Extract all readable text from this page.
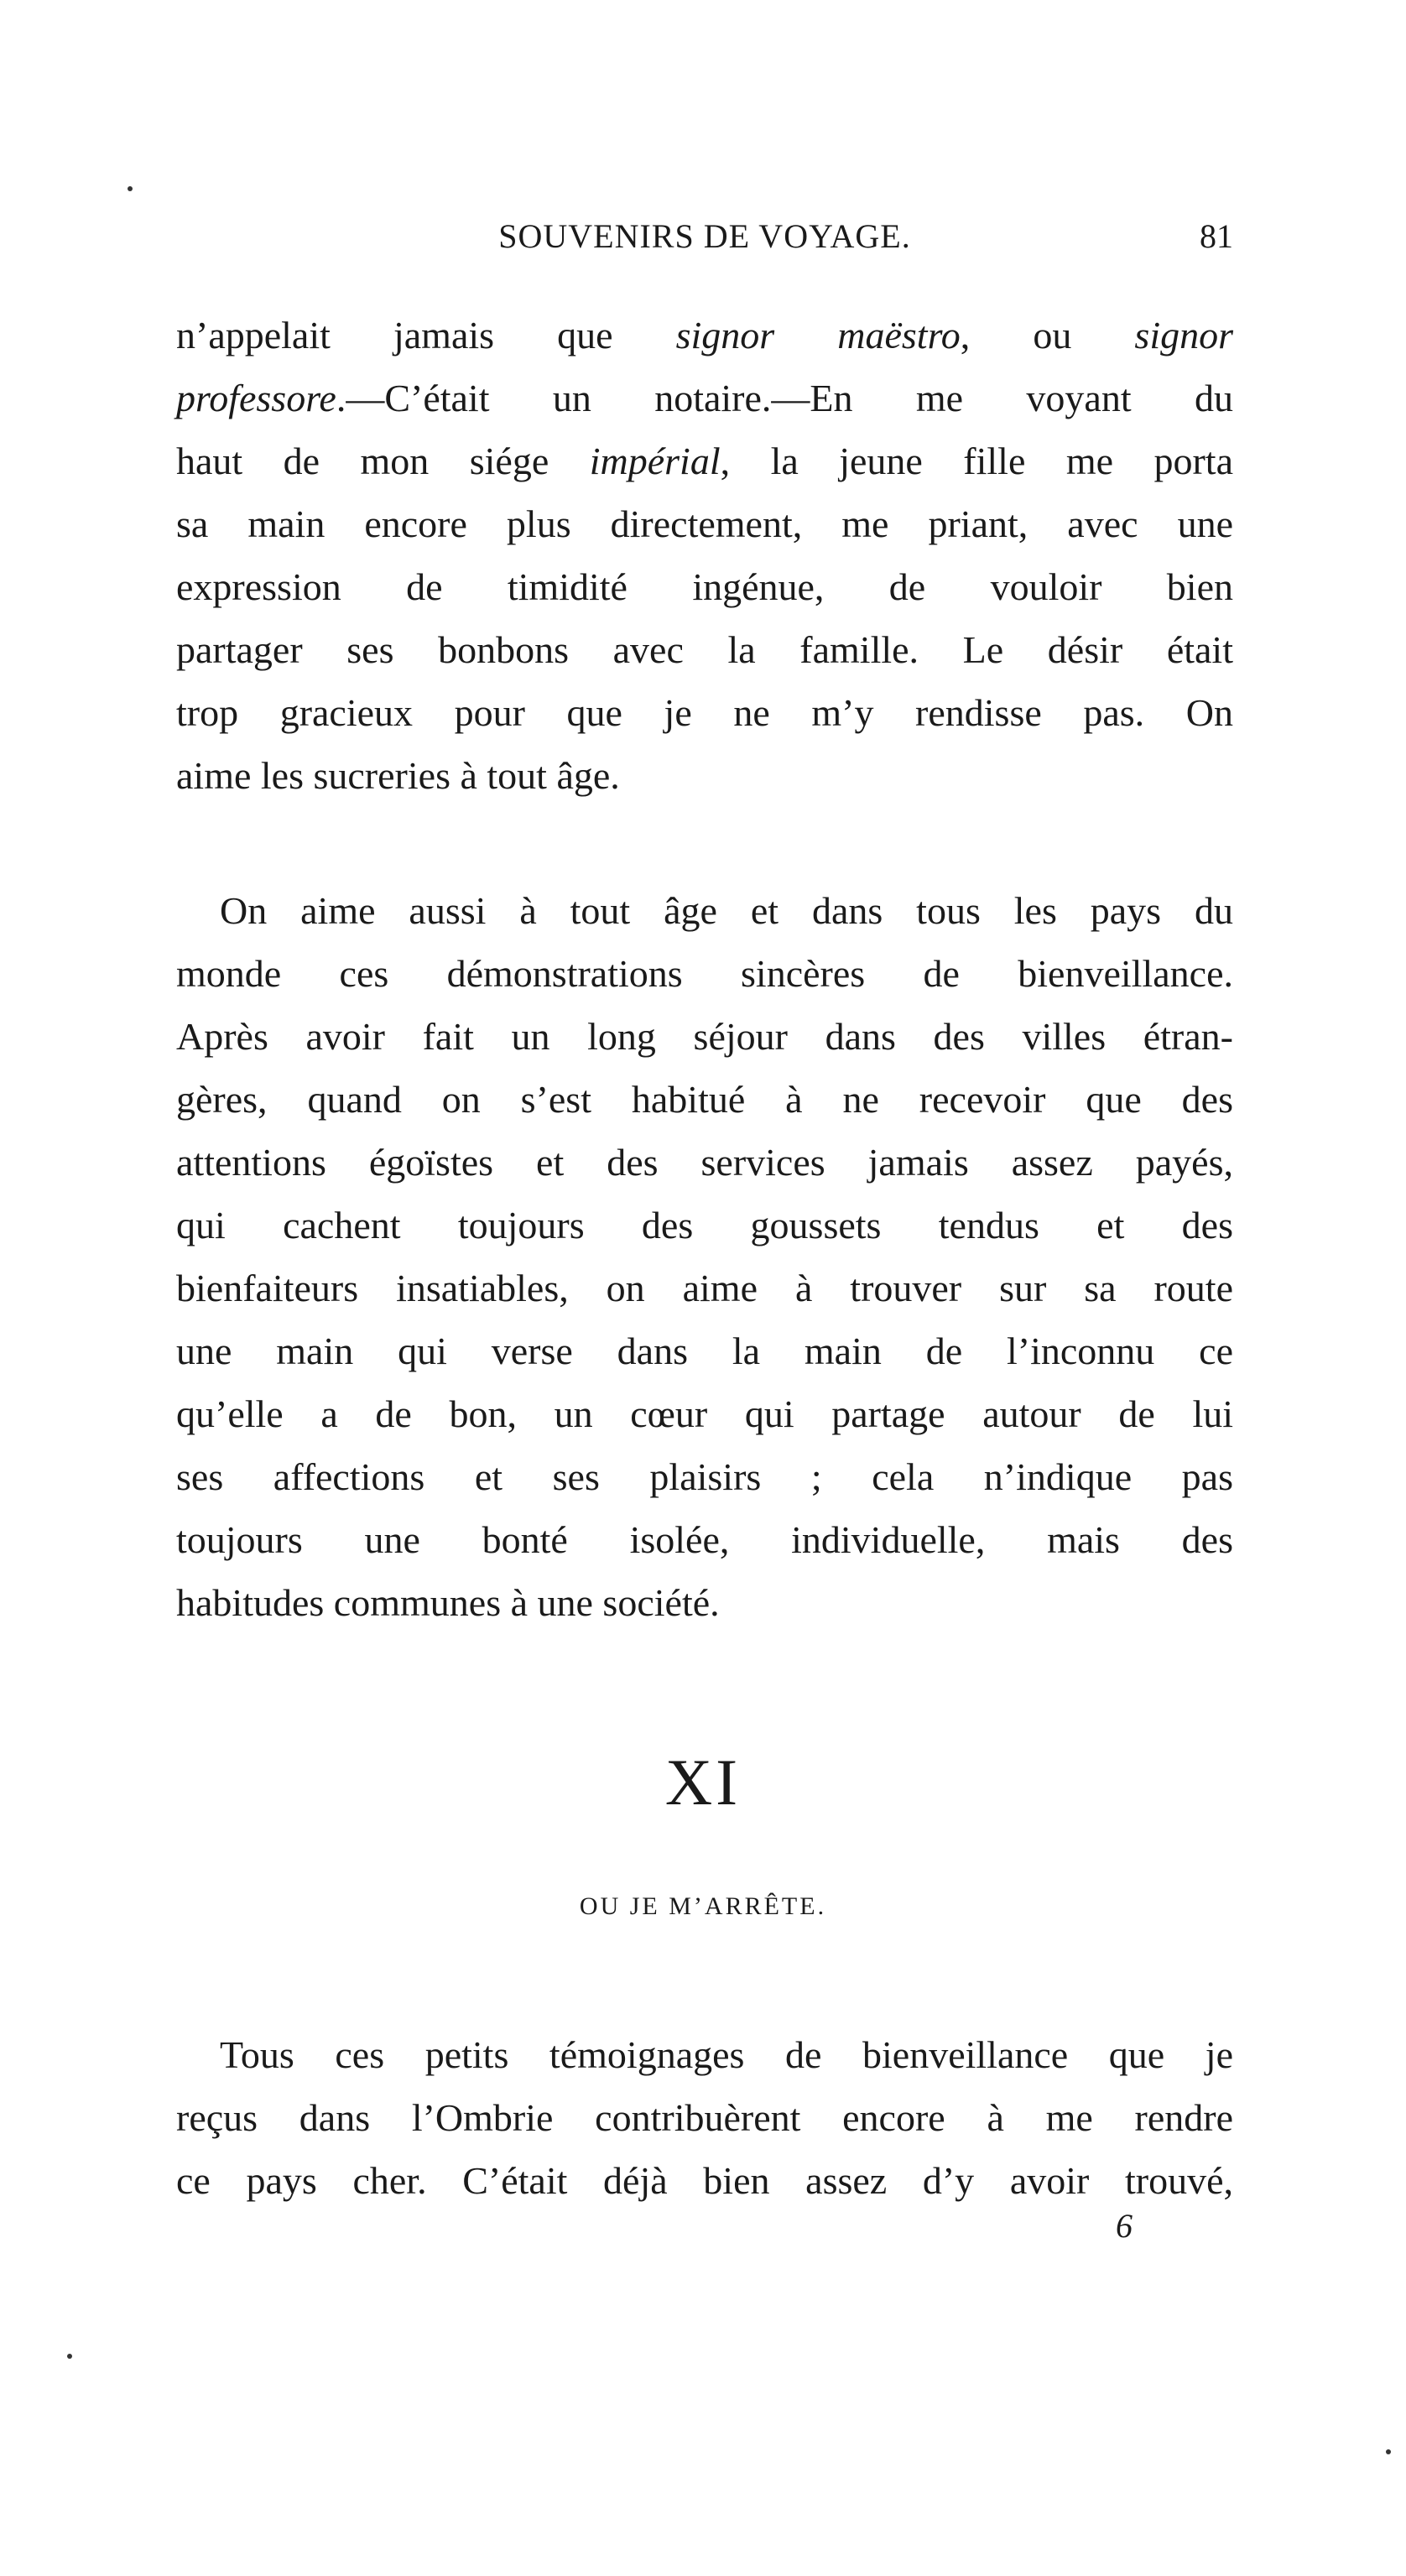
SOUVENIRS DE VOYAGE.	81
n’appelait jamais que signor maëstro, ou signor
professore.—C’était un notaire.—En me voyant du
haut de mon siége impérial, la jeune fille me porta
sa main encore plus directement, me priant, avec une
expression de timidité ingénue, de vouloir bien
partager ses bonbons avec la famille. Le désir était
trop gracieux pour que je ne m’y rendisse pas. On
aime les sucreries à tout âge.
On aime aussi à tout âge et dans tous les pays du
monde ces démonstrations sincères de bienveillance.
Après avoir fait un long séjour dans des villes étran-
gères, quand on s’est habitué à ne recevoir que des
attentions égoïstes et des services jamais assez payés,
qui cachent toujours des goussets tendus et des
bienfaiteurs insatiables, on aime à trouver sur sa route
une main qui verse dans la main de l’inconnu ce
qu’elle a de bon, un cœur qui partage autour de lui
ses affections et ses plaisirs ; cela n’indique pas
toujours une bonté isolée, individuelle, mais des
habitudes communes à une société.
XI
OU JE M’ARRÊTE.
Tous ces petits témoignages de bienveillance que je
reçus dans l’Ombrie contribuèrent encore à me rendre
ce pays cher. C’était déjà bien assez d’y avoir trouvé,
6
